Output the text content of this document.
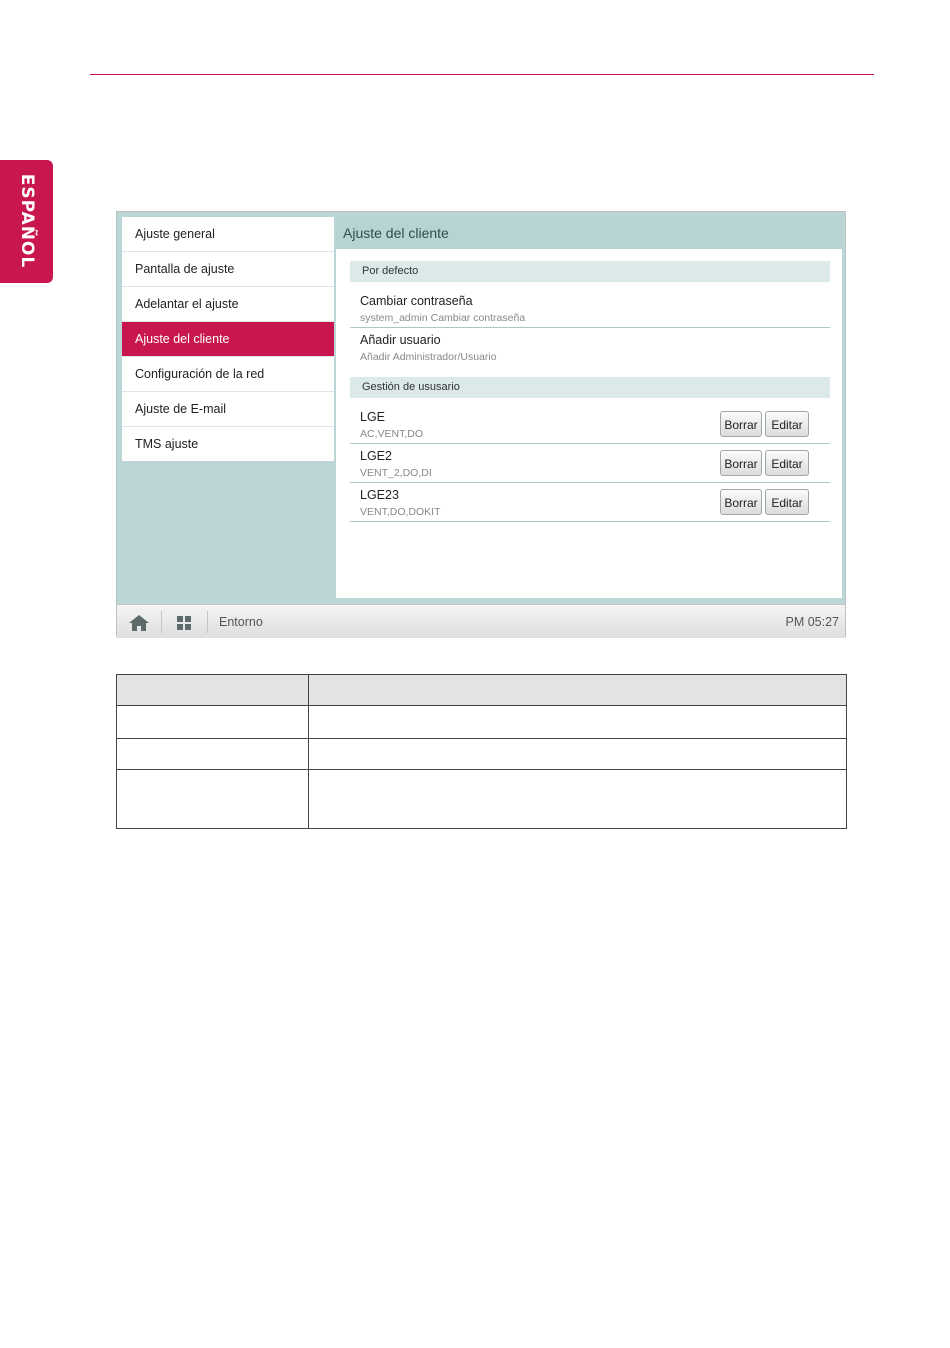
ESPAÑOL	Ajuste general
Pantalla de ajuste
Adelantar el ajuste
Ajuste del cliente
Configuración de la red
Ajuste de E-mail
TMS ajuste
Ajuste del cliente
Por defecto
Cambiar contraseña
system_admin Cambiar contraseña
Añadir usuario
Añadir Administrador/Usuario
Gestión de ususario
LGE
AC,VENT,DO
Borrar	Editar
LGE2
VENT_2,DO,DI
Borrar	Editar
LGE23
VENT,DO,DOKIT
Borrar	Editar
Entorno	PM 05:27
